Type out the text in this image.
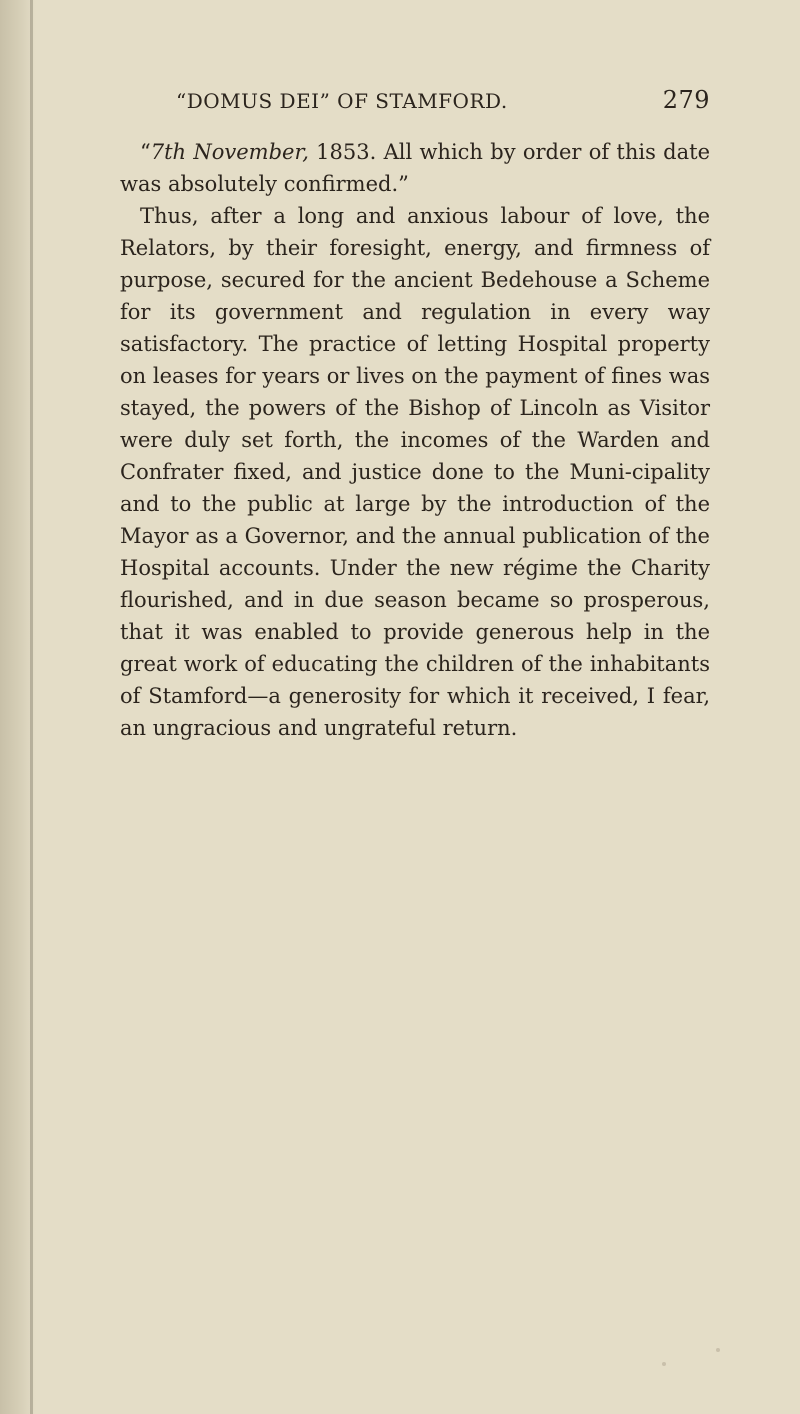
“DOMUS DEI” OF STAMFORD.	279

“7th November, 1853. All which by order of this date was absolutely confirmed.”

Thus, after a long and anxious labour of love, the Relators, by their foresight, energy, and firmness of purpose, secured for the ancient Bedehouse a Scheme for its government and regulation in every way satisfactory. The practice of letting Hospital property on leases for years or lives on the payment of fines was stayed, the powers of the Bishop of Lincoln as Visitor were duly set forth, the incomes of the Warden and Confrater fixed, and justice done to the Muni-cipality and to the public at large by the introduction of the Mayor as a Governor, and the annual publication of the Hospital accounts. Under the new régime the Charity flourished, and in due season became so prosperous, that it was enabled to provide generous help in the great work of educating the children of the inhabitants of Stamford—a generosity for which it received, I fear, an ungracious and ungrateful return.
